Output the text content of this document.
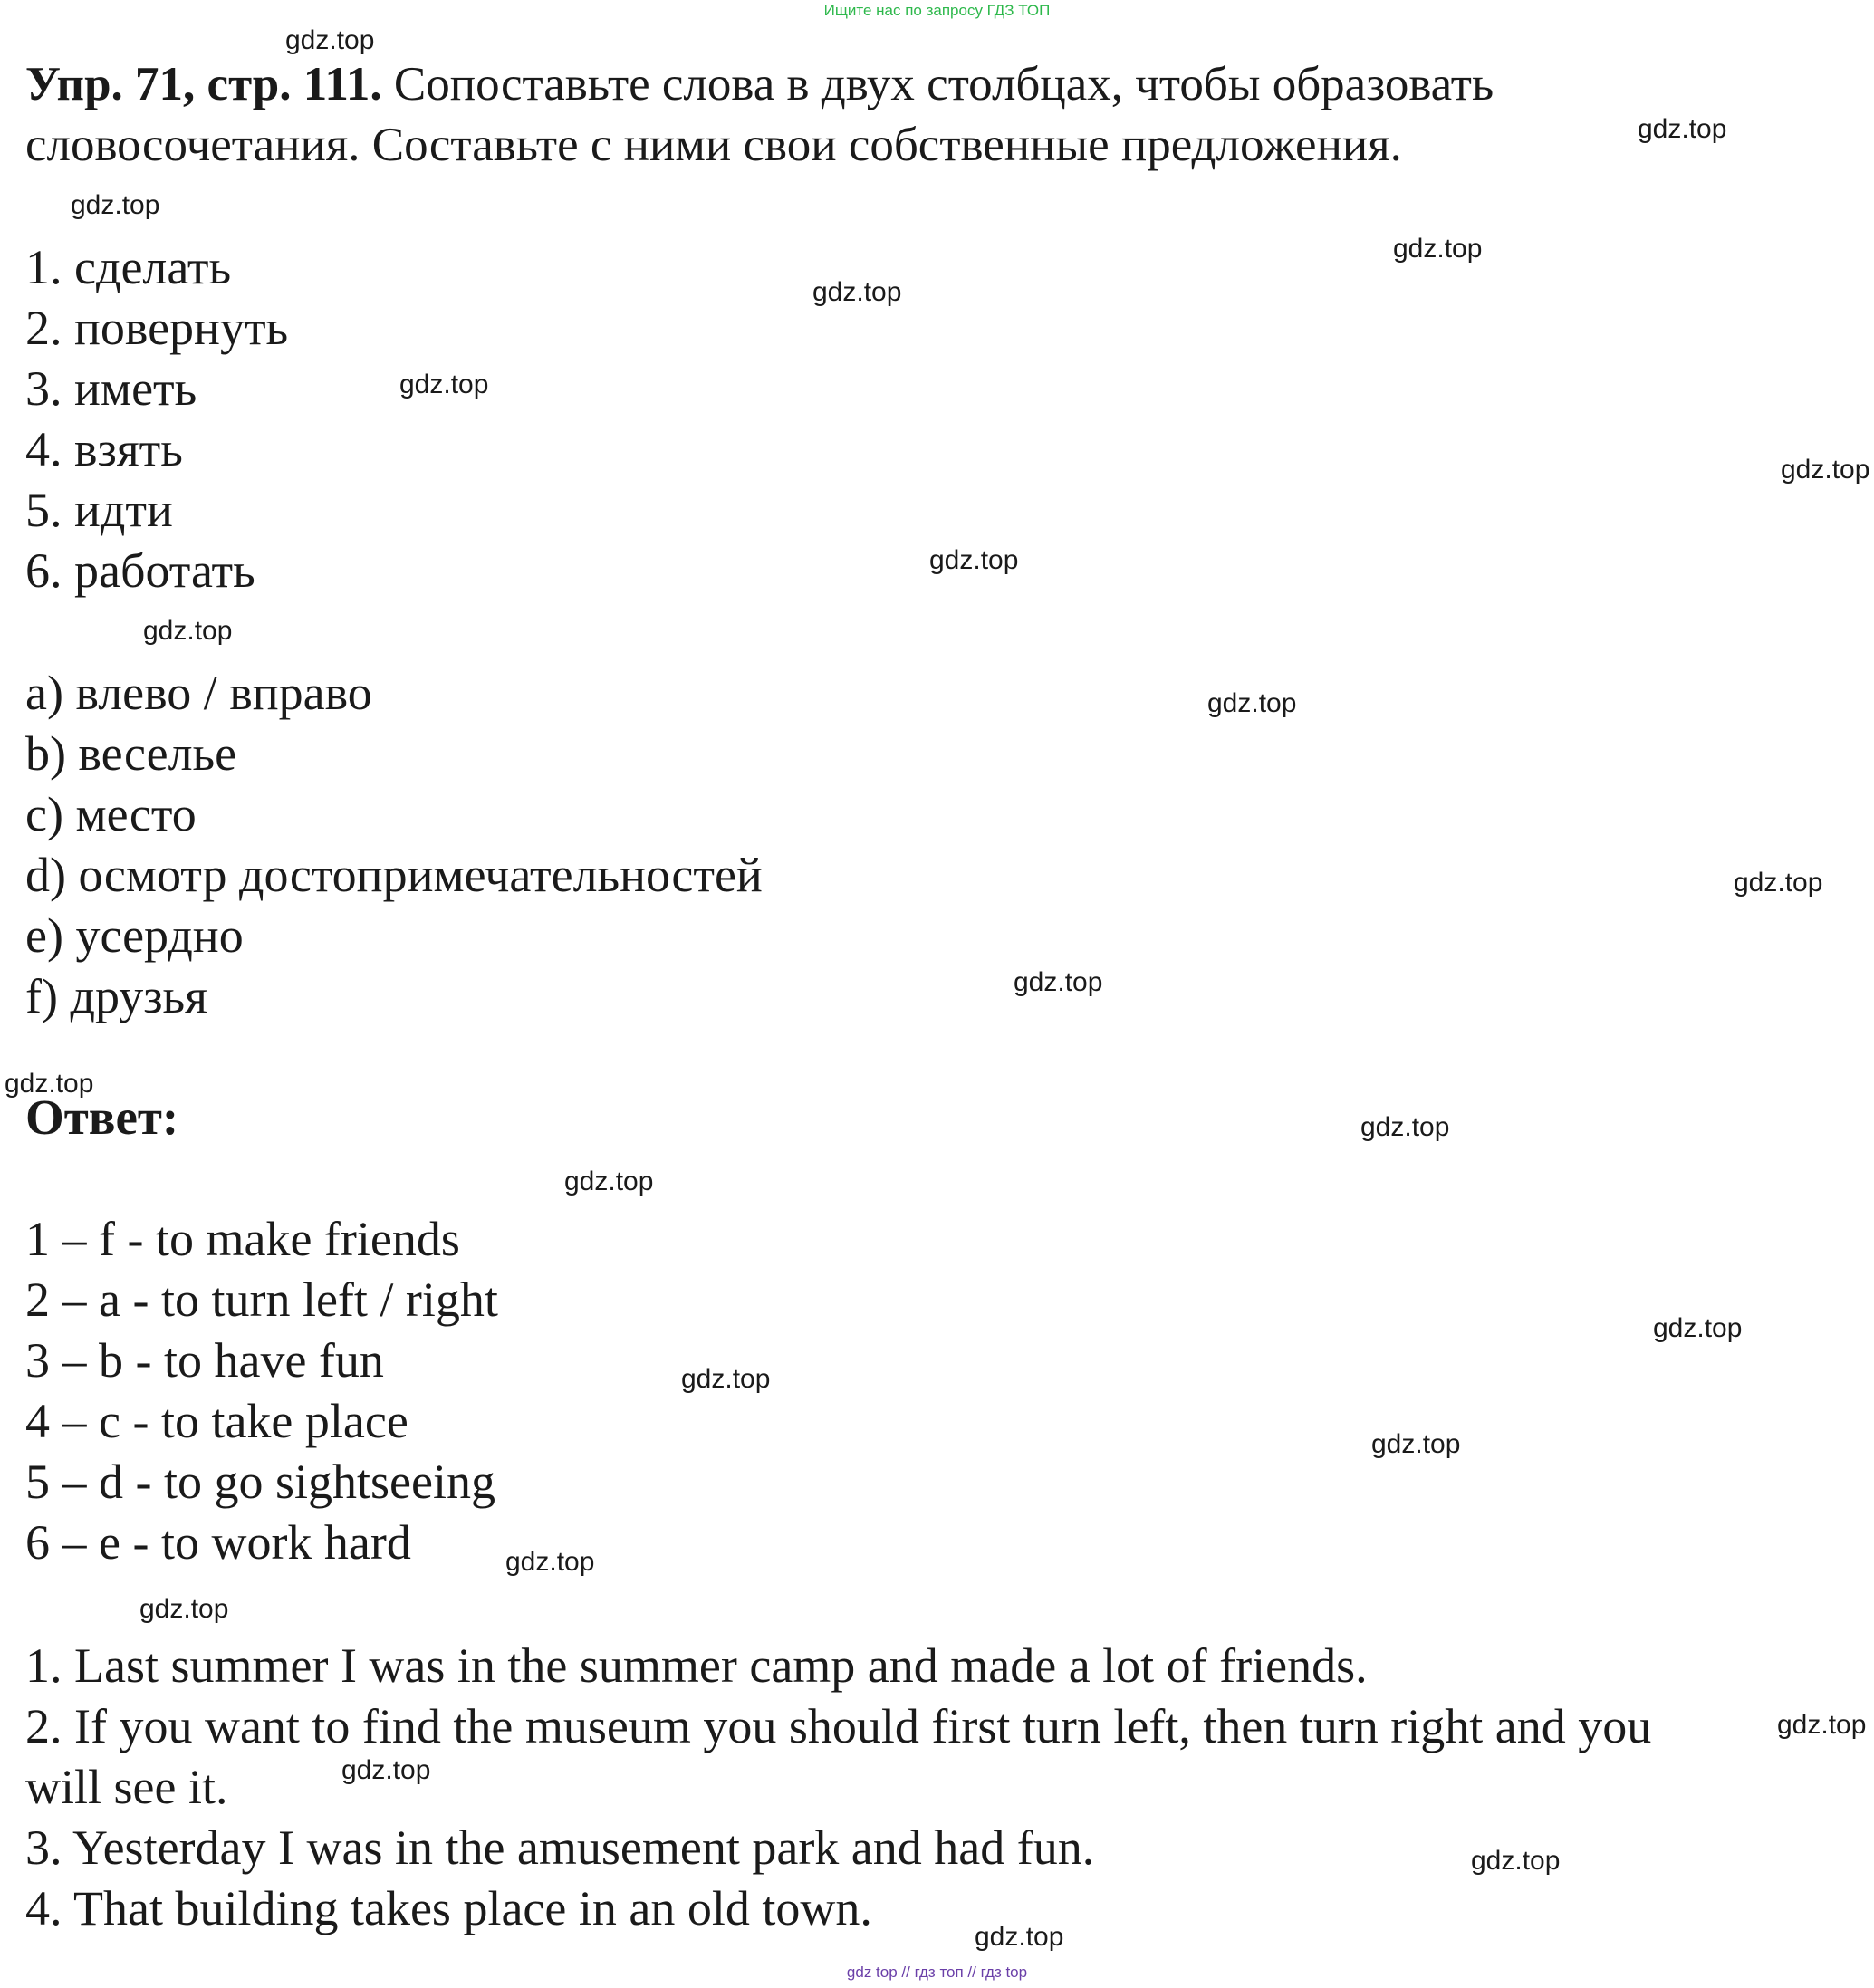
Ищите нас по запросу ГДЗ ТОП
Упр. 71, стр. 111. Сопоставьте слова в двух столбцах, чтобы образовать словосочетания. Составьте с ними свои собственные предложения.
1. сделать
2. повернуть
3. иметь
4. взять
5. идти
6. работать
a) влево / вправо
b) веселье
c) место
d) осмотр достопримечательностей
e) усердно
f) друзья
Ответ:
1 – f - to make friends
2 – a - to turn left / right
3 – b - to have fun
4 – c - to take place
5 – d - to go sightseeing
6 – e - to work hard
1. Last summer I was in the summer camp and made a lot of friends.
2. If you want to find the museum you should first turn left, then turn right and you will see it.
3. Yesterday I was in the amusement park and had fun.
4. That building takes place in an old town.
gdz.top
gdz.top
gdz.top
gdz.top
gdz.top
gdz.top
gdz.top
gdz.top
gdz.top
gdz.top
gdz.top
gdz.top
gdz.top
gdz.top
gdz.top
gdz.top
gdz.top
gdz.top
gdz.top
gdz.top
gdz.top
gdz.top
gdz.top
gdz.top
gdz top // гдз топ // гдз top
